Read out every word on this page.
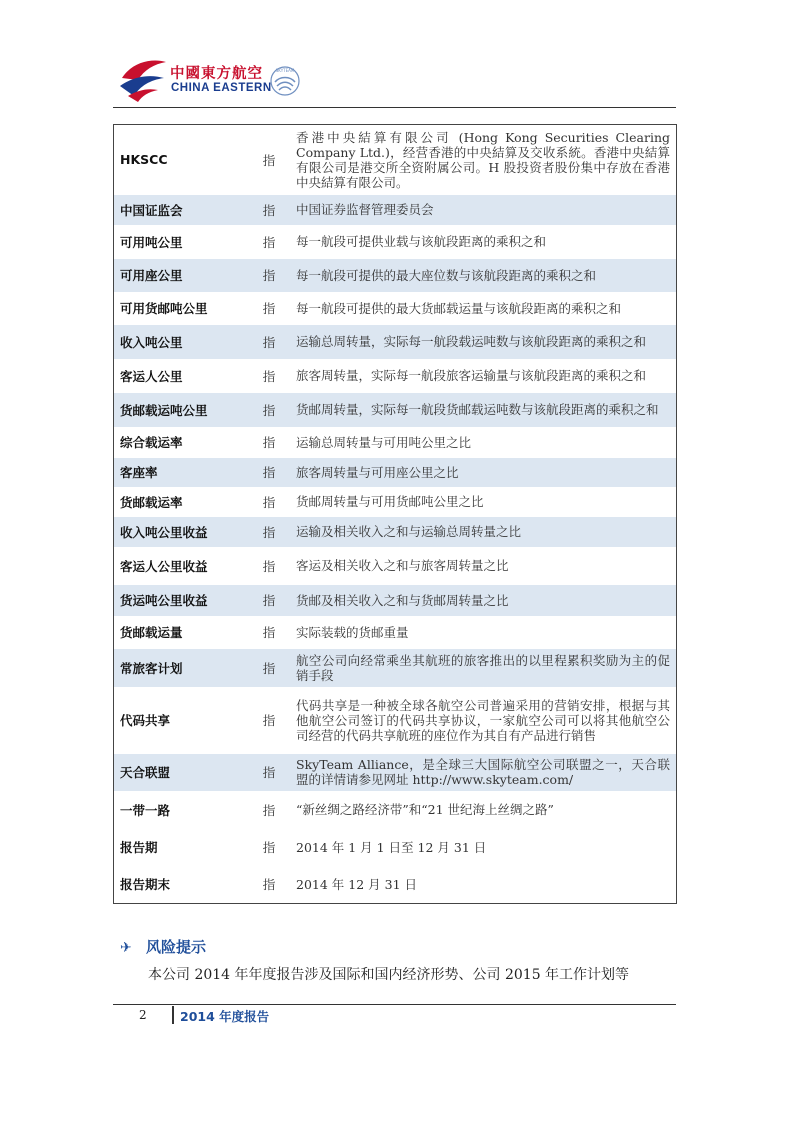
中國東方航空
CHINA EASTERN
SKYTEAM
HKSCC	指	香港中央結算有限公司 (Hong Kong Securities Clearing Company Ltd.)，经营香港的中央結算及交收系統。香港中央結算有限公司是港交所全资附属公司。H 股投资者股份集中存放在香港中央結算有限公司。
中国证监会	指	中国证券监督管理委员会
可用吨公里	指	每一航段可提供业载与该航段距离的乘积之和
可用座公里	指	每一航段可提供的最大座位数与该航段距离的乘积之和
可用货邮吨公里	指	每一航段可提供的最大货邮载运量与该航段距离的乘积之和
收入吨公里	指	运输总周转量，实际每一航段载运吨数与该航段距离的乘积之和
客运人公里	指	旅客周转量，实际每一航段旅客运输量与该航段距离的乘积之和
货邮载运吨公里	指	货邮周转量，实际每一航段货邮载运吨数与该航段距离的乘积之和
综合载运率	指	运输总周转量与可用吨公里之比
客座率	指	旅客周转量与可用座公里之比
货邮载运率	指	货邮周转量与可用货邮吨公里之比
收入吨公里收益	指	运输及相关收入之和与运输总周转量之比
客运人公里收益	指	客运及相关收入之和与旅客周转量之比
货运吨公里收益	指	货邮及相关收入之和与货邮周转量之比
货邮载运量	指	实际装载的货邮重量
常旅客计划	指	航空公司向经常乘坐其航班的旅客推出的以里程累积奖励为主的促销手段
代码共享	指	代码共享是一种被全球各航空公司普遍采用的营销安排，根据与其他航空公司签订的代码共享协议，一家航空公司可以将其他航空公司经营的代码共享航班的座位作为其自有产品进行销售
天合联盟	指	SkyTeam Alliance，是全球三大国际航空公司联盟之一，天合联盟的详情请参见网址 http://www.skyteam.com/
一带一路	指	“新丝绸之路经济带”和“21 世纪海上丝绸之路”
报告期	指	2014 年 1 月 1 日至 12 月 31 日
报告期末	指	2014 年 12 月 31 日
✈ 风险提示
本公司 2014 年年度报告涉及国际和国内经济形势、公司 2015 年工作计划等
2	2014 年度报告
